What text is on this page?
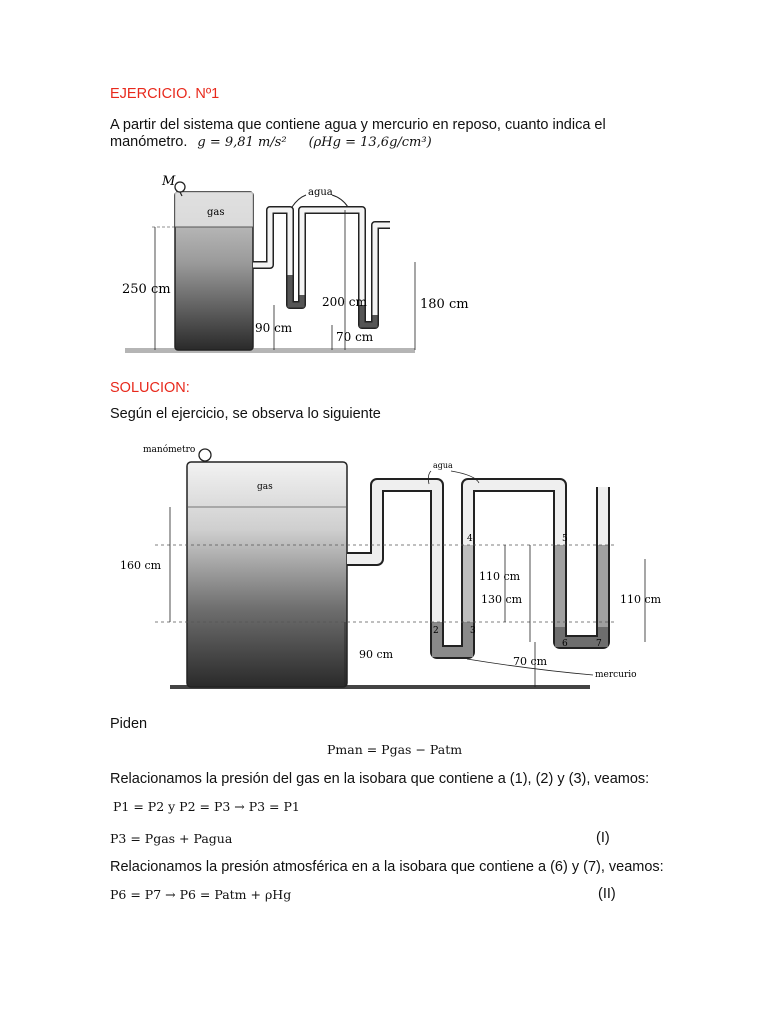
EJERCICIO. Nº1
A partir del sistema que contiene agua y mercurio en reposo, cuanto indica el
manómetro. g = 9,81 m/s² (ρHg = 13,6g/cm³)
M
gas
agua
250 cm
90 cm
200 cm
70 cm
180 cm
SOLUCION:
Según el ejercicio, se observa lo siguiente
manómetro
gas
agua
2	3
4	5
6	7
160 cm
90 cm
110 cm
130 cm
70 cm
110 cm
mercurio
Piden
Pman = Pgas − Patm
Relacionamos la presión del gas en la isobara que contiene a (1), (2) y (3), veamos:
P1 = P2 y P2 = P3 → P3 = P1
P3 = Pgas + Pagua	(I)
Relacionamos la presión atmosférica en a la isobara que contiene a (6) y (7), veamos:
P6 = P7 → P6 = Patm + ρHg	(II)
